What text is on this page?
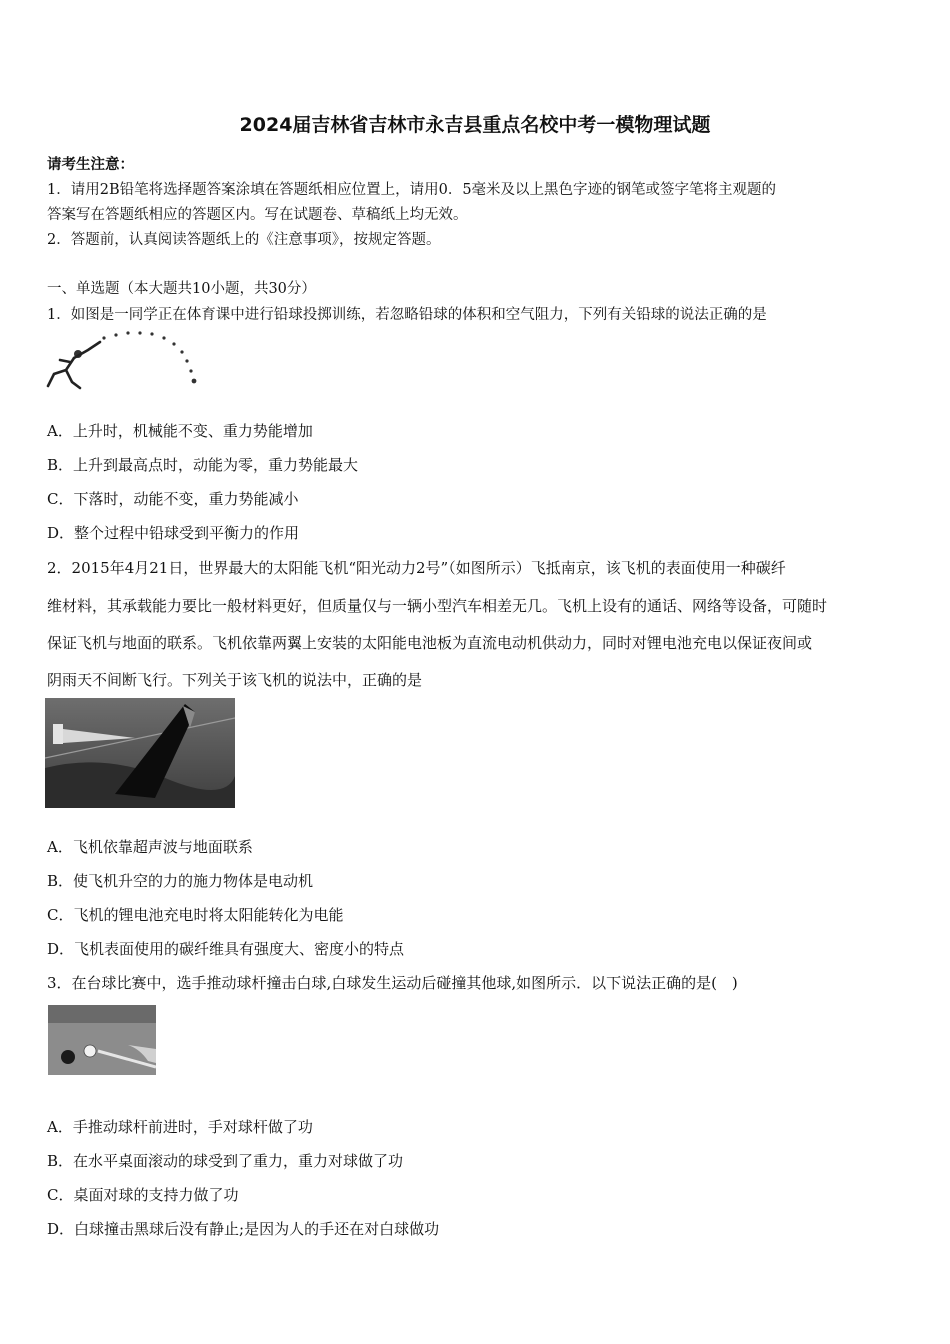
2024届吉林省吉林市永吉县重点名校中考一模物理试题
请考生注意：
1．请用2B铅笔将选择题答案涂填在答题纸相应位置上，请用0．5毫米及以上黑色字迹的钢笔或签字笔将主观题的
答案写在答题纸相应的答题区内。写在试题卷、草稿纸上均无效。
2．答题前，认真阅读答题纸上的《注意事项》，按规定答题。
一、单选题（本大题共10小题，共30分）
1．如图是一同学正在体育课中进行铅球投掷训练，若忽略铅球的体积和空气阻力，下列有关铅球的说法正确的是
A．上升时，机械能不变、重力势能增加
B．上升到最高点时，动能为零，重力势能最大
C．下落时，动能不变，重力势能减小
D．整个过程中铅球受到平衡力的作用
2．2015年4月21日，世界最大的太阳能飞机“阳光动力2号”（如图所示）飞抵南京，该飞机的表面使用一种碳纤
维材料，其承载能力要比一般材料更好，但质量仅与一辆小型汽车相差无几。飞机上设有的通话、网络等设备，可随时
保证飞机与地面的联系。飞机依靠两翼上安装的太阳能电池板为直流电动机供动力，同时对锂电池充电以保证夜间或
阴雨天不间断飞行。下列关于该飞机的说法中，正确的是
A．飞机依靠超声波与地面联系
B．使飞机升空的力的施力物体是电动机
C．飞机的锂电池充电时将太阳能转化为电能
D．飞机表面使用的碳纤维具有强度大、密度小的特点
3．在台球比赛中，选手推动球杆撞击白球,白球发生运动后碰撞其他球,如图所示．以下说法正确的是(　)
A．手推动球杆前进时，手对球杆做了功
B．在水平桌面滚动的球受到了重力，重力对球做了功
C．桌面对球的支持力做了功
D．白球撞击黑球后没有静止;是因为人的手还在对白球做功
